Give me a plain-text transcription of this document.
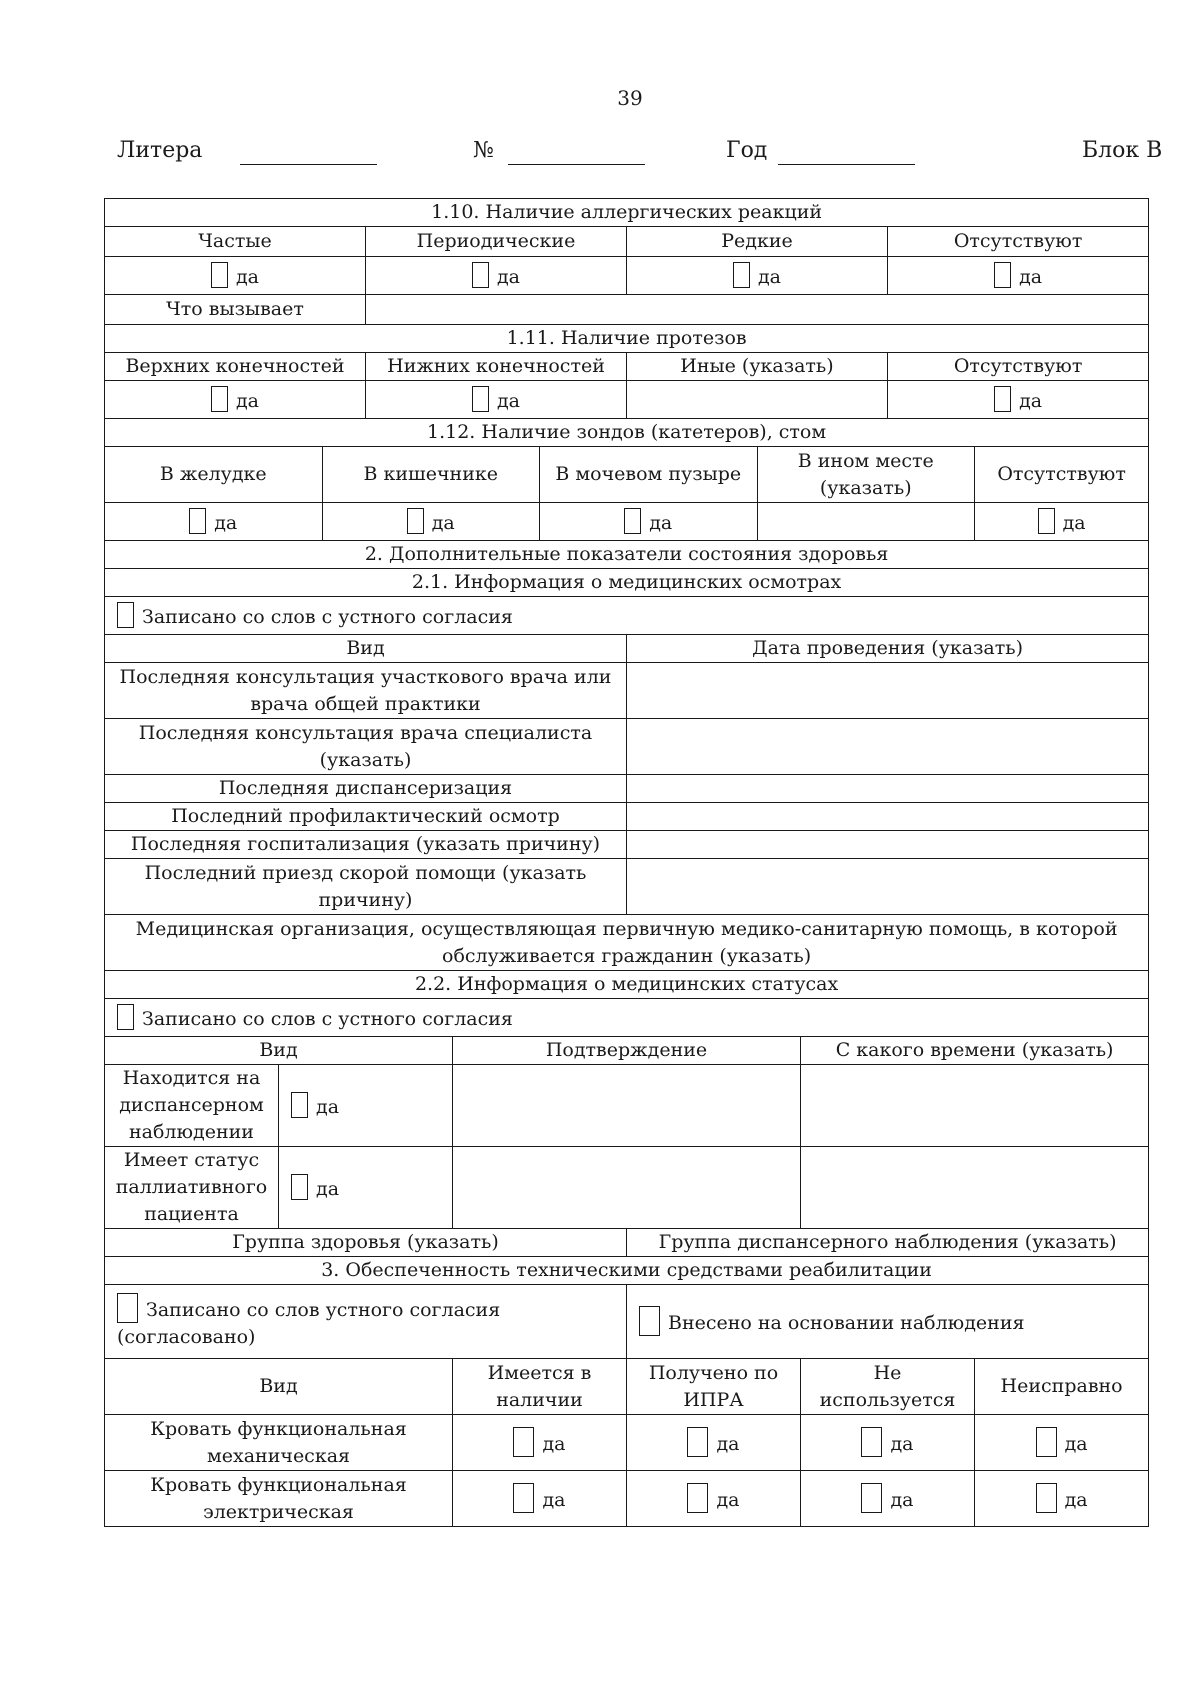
39
Литера	№	Год	Блок В
1.10. Наличие аллергических реакций										
Частые			Периодические			Редкие			Отсутствуют	
да			да			да			да	
Что вызывает										
1.11. Наличие протезов										
Верхних конечностей			Нижних конечностей			Иные (указать)			Отсутствуют	
да			да						да	
1.12. Наличие зондов (катетеров), стом										
В желудке		В кишечнике			В мочевом пузыре		В ином месте (указать)			Отсутствуют
да		да			да					да
2. Дополнительные показатели состояния здоровья										
2.1. Информация о медицинских осмотрах										
Записано со слов с устного согласия										
Вид						Дата проведения (указать)				
Последняя консультация участкового врача или врача общей практики										
Последняя консультация врача специалиста (указать)										
Последняя диспансеризация										
Последний профилактический осмотр										
Последняя госпитализация (указать причину)										
Последний приезд скорой помощи (указать причину)										
Медицинская организация, осуществляющая первичную медико-санитарную помощь, в которой обслуживается гражданин (указать)										
2.2. Информация о медицинских статусах										
Записано со слов с устного согласия										
Вид				Подтверждение				С какого времени (указать)		
Находится на диспансерном наблюдении	да									
Имеет статус паллиативного пациента	да									
Группа здоровья (указать)						Группа диспансерного наблюдения (указать)				
3. Обеспеченность техническими средствами реабилитации										
Записано со слов устного согласия
(согласовано)						Внесено на основании наблюдения				
Вид				Имеется в наличии		Получено по ИПРА		Не используется		Неисправно
Кровать функциональная механическая				да		да		да		да
Кровать функциональная электрическая				да		да		да		да
